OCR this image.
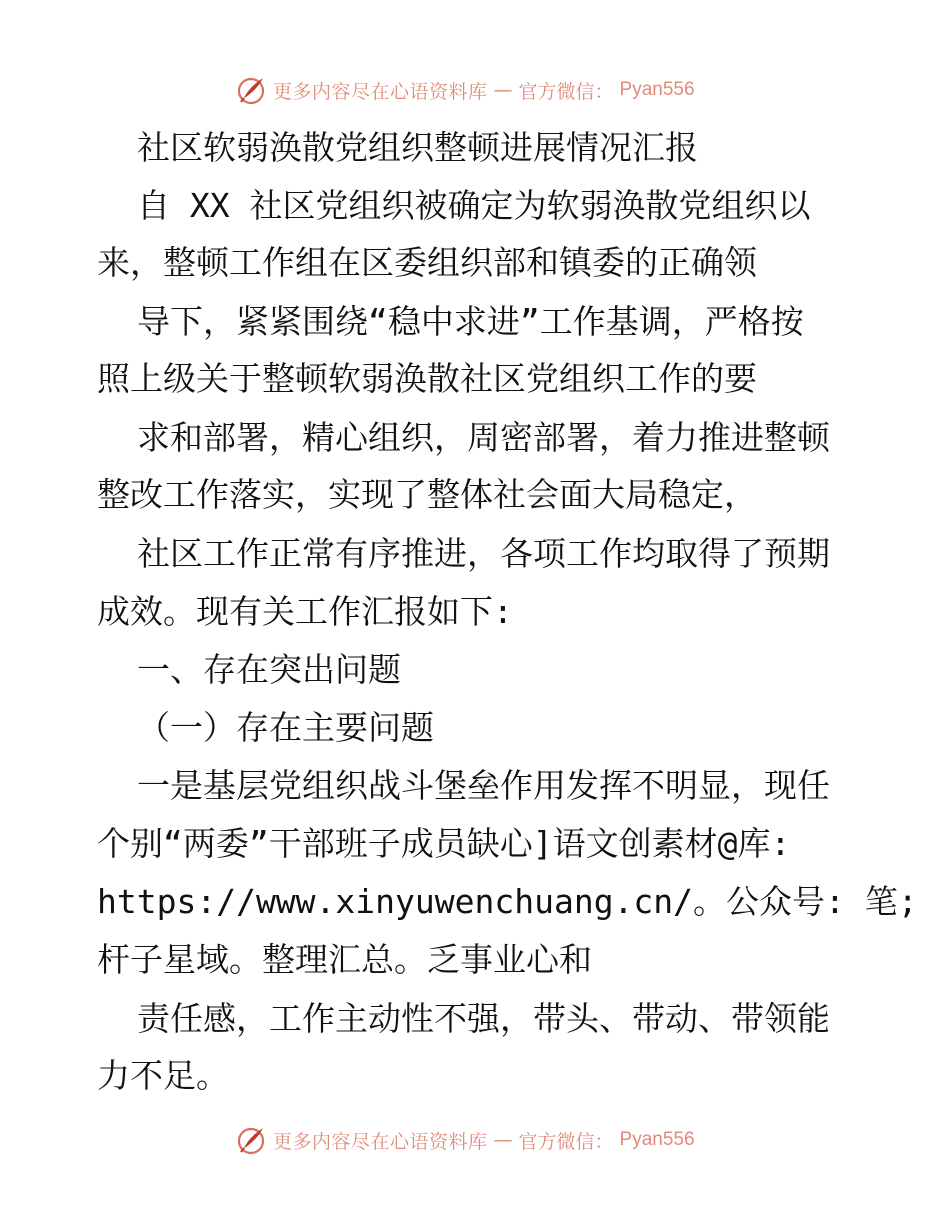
更多内容尽在心语资料库 — 官方微信： Pyan556
社区软弱涣散党组织整顿进展情况汇报
自 XX 社区党组织被确定为软弱涣散党组织以
来，整顿工作组在区委组织部和镇委的正确领
导下，紧紧围绕“稳中求进”工作基调，严格按
照上级关于整顿软弱涣散社区党组织工作的要
求和部署，精心组织，周密部署，着力推进整顿
整改工作落实，实现了整体社会面大局稳定，
社区工作正常有序推进，各项工作均取得了预期
成效。现有关工作汇报如下:
一、存在突出问题
（一）存在主要问题
一是基层党组织战斗堡垒作用发挥不明显，现任
个别“两委”干部班子成员缺心]语文创素材@库:
https://www.xinyuwenchuang.cn/。公众号: 笔;
杆子星域。整理汇总。乏事业心和
责任感，工作主动性不强，带头、带动、带领能
力不足。
更多内容尽在心语资料库 — 官方微信： Pyan556
